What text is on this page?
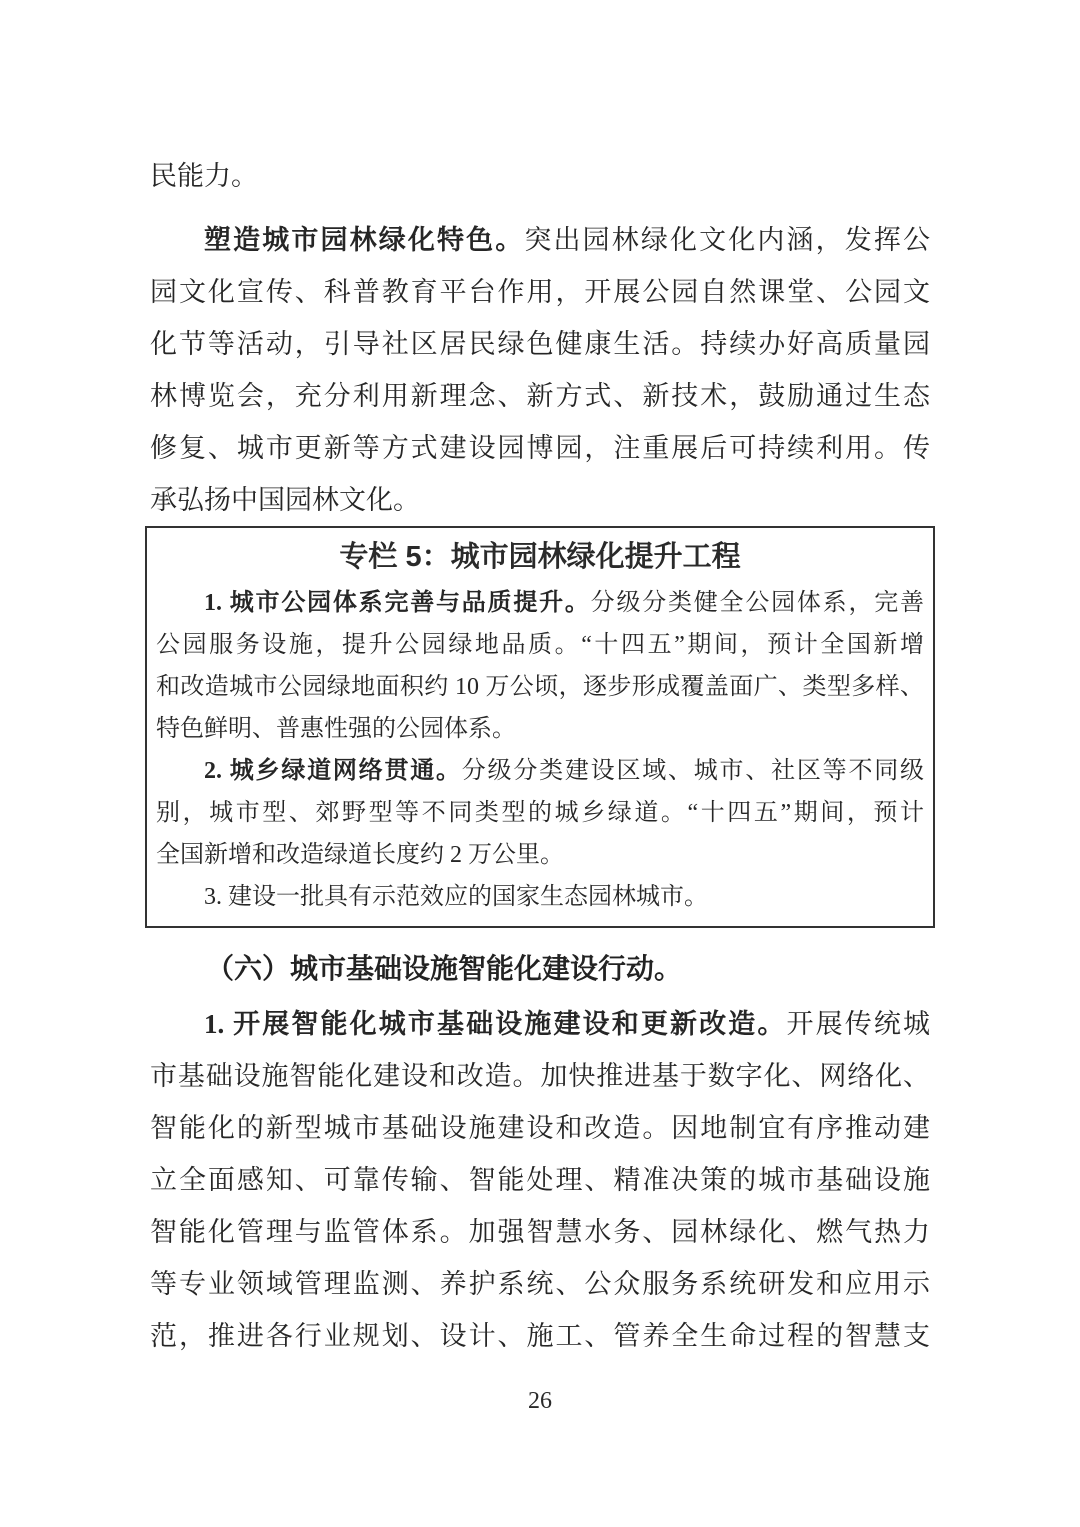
民能力。
塑造城市园林绿化特色。突出园林绿化文化内涵，发挥公
园文化宣传、科普教育平台作用，开展公园自然课堂、公园文
化节等活动，引导社区居民绿色健康生活。持续办好高质量园
林博览会，充分利用新理念、新方式、新技术，鼓励通过生态
修复、城市更新等方式建设园博园，注重展后可持续利用。传
承弘扬中国园林文化。
专栏 5：城市园林绿化提升工程
1. 城市公园体系完善与品质提升。分级分类健全公园体系，完善
公园服务设施，提升公园绿地品质。“十四五”期间，预计全国新增
和改造城市公园绿地面积约 10 万公顷，逐步形成覆盖面广、类型多样、
特色鲜明、普惠性强的公园体系。
2. 城乡绿道网络贯通。分级分类建设区域、城市、社区等不同级
别，城市型、郊野型等不同类型的城乡绿道。“十四五”期间，预计
全国新增和改造绿道长度约 2 万公里。
3. 建设一批具有示范效应的国家生态园林城市。
（六）城市基础设施智能化建设行动。
1. 开展智能化城市基础设施建设和更新改造。开展传统城
市基础设施智能化建设和改造。加快推进基于数字化、网络化、
智能化的新型城市基础设施建设和改造。因地制宜有序推动建
立全面感知、可靠传输、智能处理、精准决策的城市基础设施
智能化管理与监管体系。加强智慧水务、园林绿化、燃气热力
等专业领域管理监测、养护系统、公众服务系统研发和应用示
范，推进各行业规划、设计、施工、管养全生命过程的智慧支
26
